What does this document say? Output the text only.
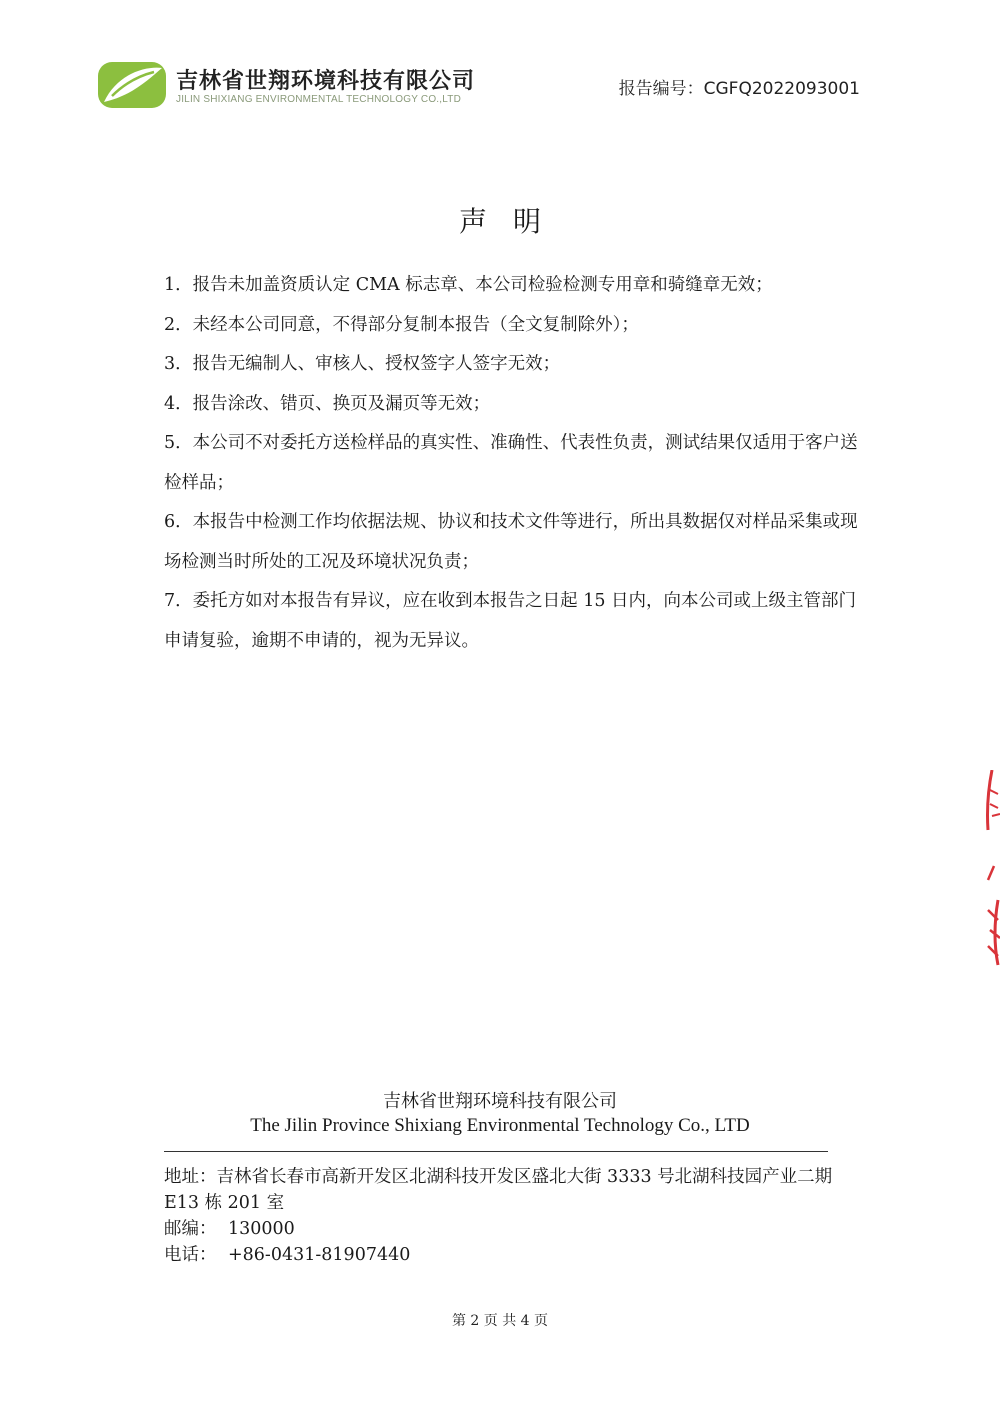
吉林省世翔环境科技有限公司
JILIN SHIXIANG ENVIRONMENTAL TECHNOLOGY CO.,LTD
报告编号：CGFQ2022093001
声明
1．报告未加盖资质认定 CMA 标志章、本公司检验检测专用章和骑缝章无效；
2．未经本公司同意，不得部分复制本报告（全文复制除外）；
3．报告无编制人、审核人、授权签字人签字无效；
4．报告涂改、错页、换页及漏页等无效；
5．本公司不对委托方送检样品的真实性、准确性、代表性负责，测试结果仅适用于客户送检样品；
6．本报告中检测工作均依据法规、协议和技术文件等进行，所出具数据仅对样品采集或现场检测当时所处的工况及环境状况负责；
7．委托方如对本报告有异议，应在收到本报告之日起 15 日内，向本公司或上级主管部门申请复验，逾期不申请的，视为无异议。
吉林省世翔环境科技有限公司
The Jilin Province Shixiang Environmental Technology Co., LTD
地址：吉林省长春市高新开发区北湖科技开发区盛北大街 3333 号北湖科技园产业二期 E13 栋 201 室
邮编： 130000
电话： +86-0431-81907440
第 2 页 共 4 页
